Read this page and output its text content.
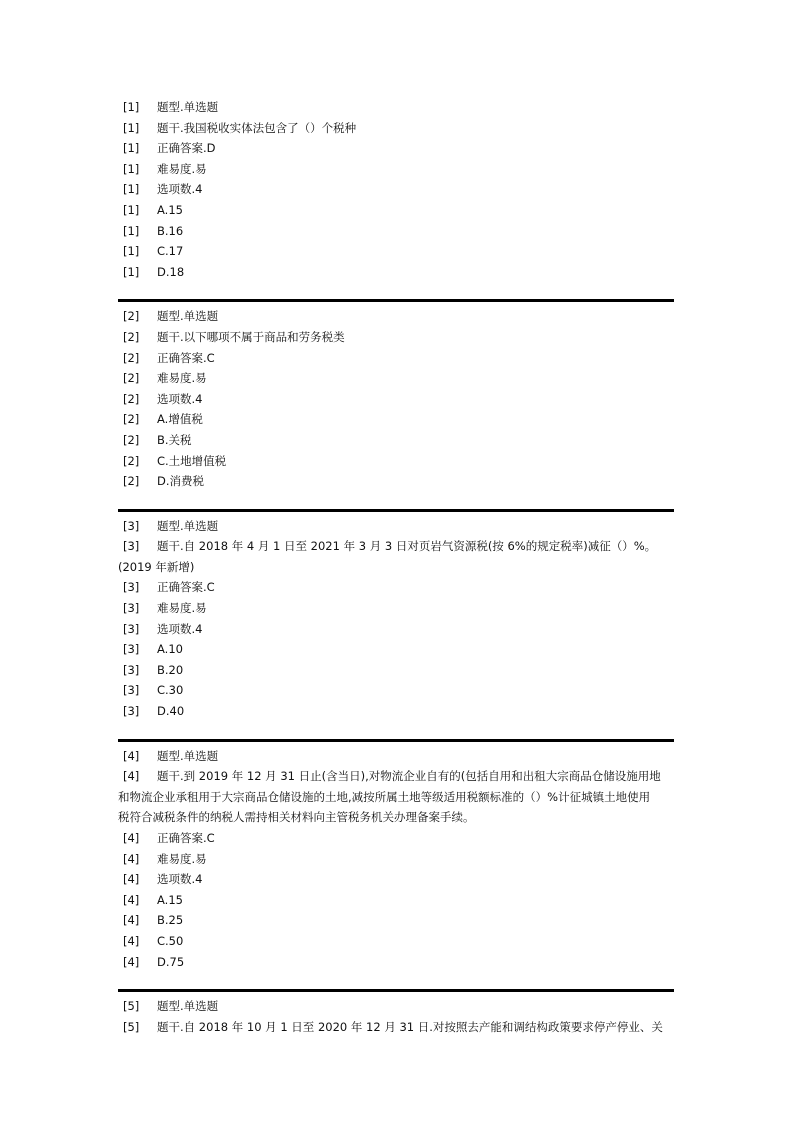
[1] 题型.单选题
[1] 题干.我国税收实体法包含了（）个税种
[1] 正确答案.D
[1] 难易度.易
[1] 选项数.4
[1] A.15
[1] B.16
[1] C.17
[1] D.18
[2] 题型.单选题
[2] 题干.以下哪项不属于商品和劳务税类
[2] 正确答案.C
[2] 难易度.易
[2] 选项数.4
[2] A.增值税
[2] B.关税
[2] C.土地增值税
[2] D.消费税
[3] 题型.单选题
[3] 题干.自 2018 年 4 月 1 日至 2021 年 3 月 3 日对页岩气资源税(按 6%的规定税率)减征（）%。
(2019 年新增)
[3] 正确答案.C
[3] 难易度.易
[3] 选项数.4
[3] A.10
[3] B.20
[3] C.30
[3] D.40
[4] 题型.单选题
[4] 题干.到 2019 年 12 月 31 日止(含当日),对物流企业自有的(包括自用和出租大宗商品仓储设施用地
和物流企业承租用于大宗商品仓储设施的土地,减按所属土地等级适用税额标准的（）%计征城镇土地使用
税符合减税条件的纳税人需持相关材料向主管税务机关办理备案手续。
[4] 正确答案.C
[4] 难易度.易
[4] 选项数.4
[4] A.15
[4] B.25
[4] C.50
[4] D.75
[5] 题型.单选题
[5] 题干.自 2018 年 10 月 1 日至 2020 年 12 月 31 日.对按照去产能和调结构政策要求停产停业、关
